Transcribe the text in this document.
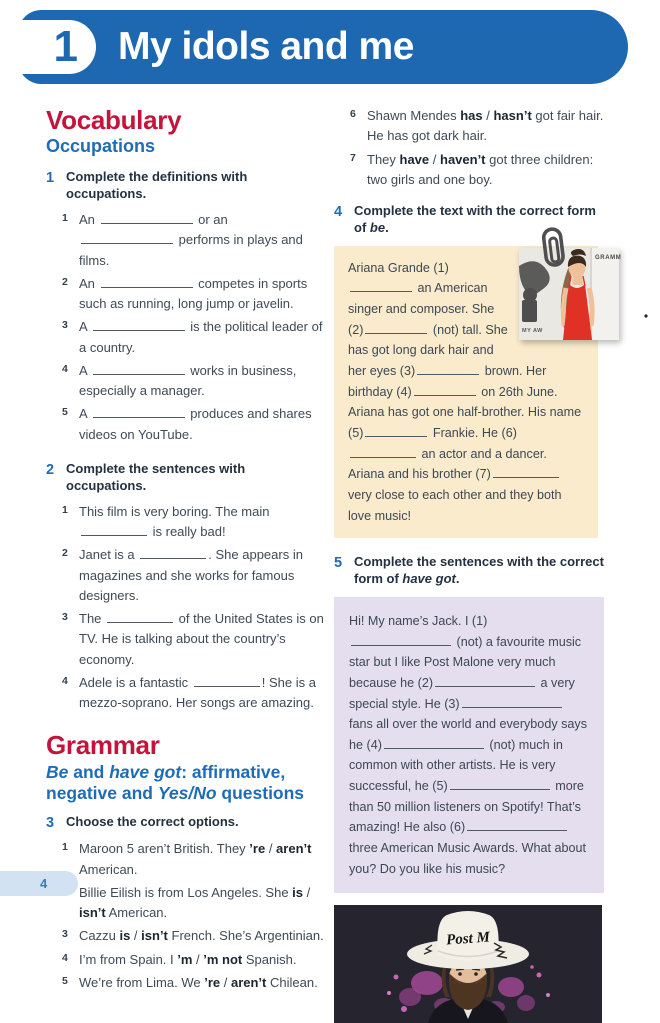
1 My idols and me
Vocabulary
Occupations
1 Complete the definitions with occupations.
1 An	or an  performs in plays and films.
2 An	competes in sports such as running, long jump or javelin.
3 A	is the political leader of a country.
4 A	works in business, especially a manager.
5 A	produces and shares videos on YouTube.
2 Complete the sentences with occupations.
1 This film is very boring. The main  is really bad!
2 Janet is a	. She appears in magazines and she works for famous designers.
3 The	of the United States is on TV. He is talking about the country’s economy.
4 Adele is a fantastic	! She is a mezzo-soprano. Her songs are amazing.
Grammar
Be and have got: affirmative, negative and Yes/No questions
3 Choose the correct options.
1 Maroon 5 aren’t British. They ’re / aren’t American.
Billie Eilish is from Los Angeles. She is / isn’t American.
3 Cazzu is / isn’t French. She’s Argentinian.
4 I’m from Spain. I ’m / ’m not Spanish.
5 We’re from Lima. We ’re / aren’t Chilean.
6 Shawn Mendes has / hasn’t got fair hair. He has got dark hair.
7 They have / haven’t got three children: two girls and one boy.
4 Complete the text with the correct form of be.
GRAMM
MY AW
Ariana Grande (1) an American singer and composer. She (2)	(not) tall. She has got long dark hair and her eyes (3)	brown. Her birthday (4)	on 26th June. Ariana has got one half-brother. His name (5)	Frankie. He (6) an actor and a dancer. Ariana and his brother (7) very close to each other and they both love music!
5 Complete the sentences with the correct form of have got.
Hi! My name’s Jack. I (1) (not) a favourite music star but I like Post Malone very much because he (2)	a very special style. He (3) fans all over the world and everybody says he (4)	(not) much in common with other artists. He is very successful, he (5)	more than 50 million listeners on Spotify! That’s amazing! He also (6) three American Music Awards. What about you? Do you like his music?
Post M
4
